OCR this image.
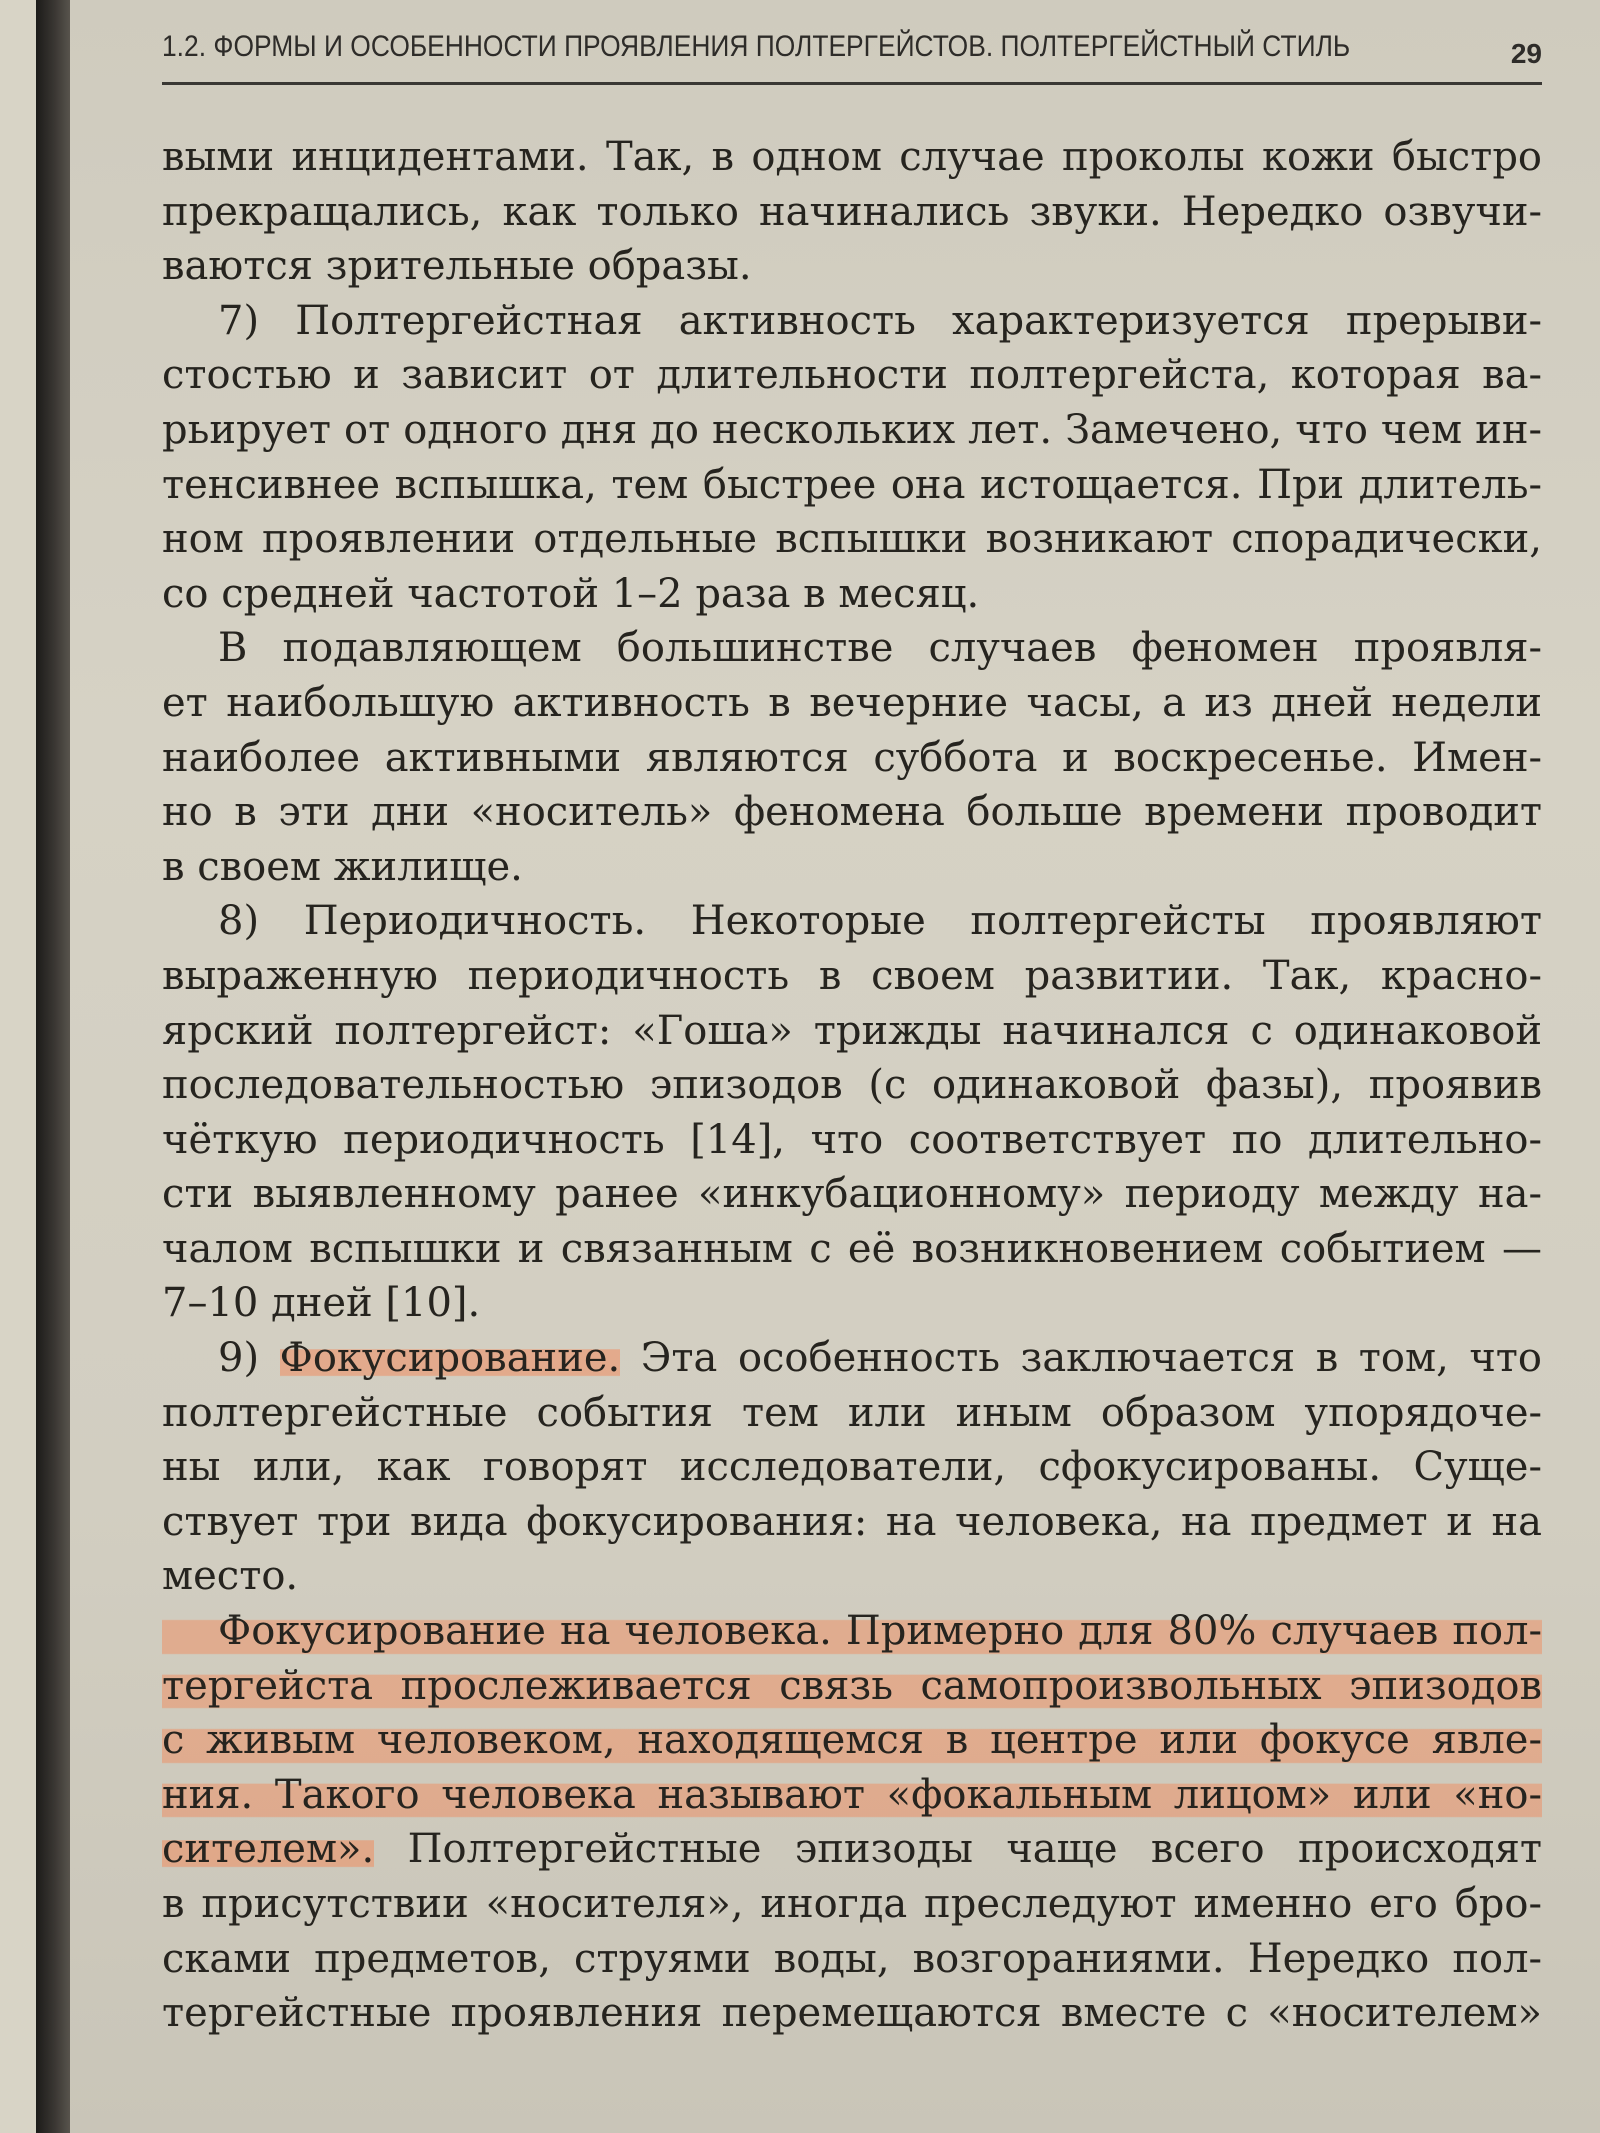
1.2. ФОРМЫ И ОСОБЕННОСТИ ПРОЯВЛЕНИЯ ПОЛТЕРГЕЙСТОВ. ПОЛТЕРГЕЙСТНЫЙ СТИЛЬ	29
выми инцидентами. Так, в одном случае проколы кожи быстро
прекращались, как только начинались звуки. Нередко озвучи-
ваются зрительные образы.
7) Полтергейстная активность характеризуется прерыви-
стостью и зависит от длительности полтергейста, которая ва-
рьирует от одного дня до нескольких лет. Замечено, что чем ин-
тенсивнее вспышка, тем быстрее она истощается. При длитель-
ном проявлении отдельные вспышки возникают спорадически,
со средней частотой 1–2 раза в месяц.
В подавляющем большинстве случаев феномен проявля-
ет наибольшую активность в вечерние часы, а из дней недели
наиболее активными являются суббота и воскресенье. Имен-
но в эти дни «носитель» феномена больше времени проводит
в своем жилище.
8) Периодичность. Некоторые полтергейсты проявляют
выраженную периодичность в своем развитии. Так, красно-
ярский полтергейст: «Гоша» трижды начинался с одинаковой
последовательностью эпизодов (с одинаковой фазы), проявив
чёткую периодичность [14], что соответствует по длительно-
сти выявленному ранее «инкубационному» периоду между на-
чалом вспышки и связанным с её возникновением событием —
7–10 дней [10].
9) Фокусирование. Эта особенность заключается в том, что
полтергейстные события тем или иным образом упорядоче-
ны или, как говорят исследователи, сфокусированы. Суще-
ствует три вида фокусирования: на человека, на предмет и на
место.
Фокусирование на человека. Примерно для 80% случаев пол-
тергейста прослеживается связь самопроизвольных эпизодов
с живым человеком, находящемся в центре или фокусе явле-
ния. Такого человека называют «фокальным лицом» или «но-
сителем». Полтергейстные эпизоды чаще всего происходят
в присутствии «носителя», иногда преследуют именно его бро-
сками предметов, струями воды, возгораниями. Нередко пол-
тергейстные проявления перемещаются вместе с «носителем»
